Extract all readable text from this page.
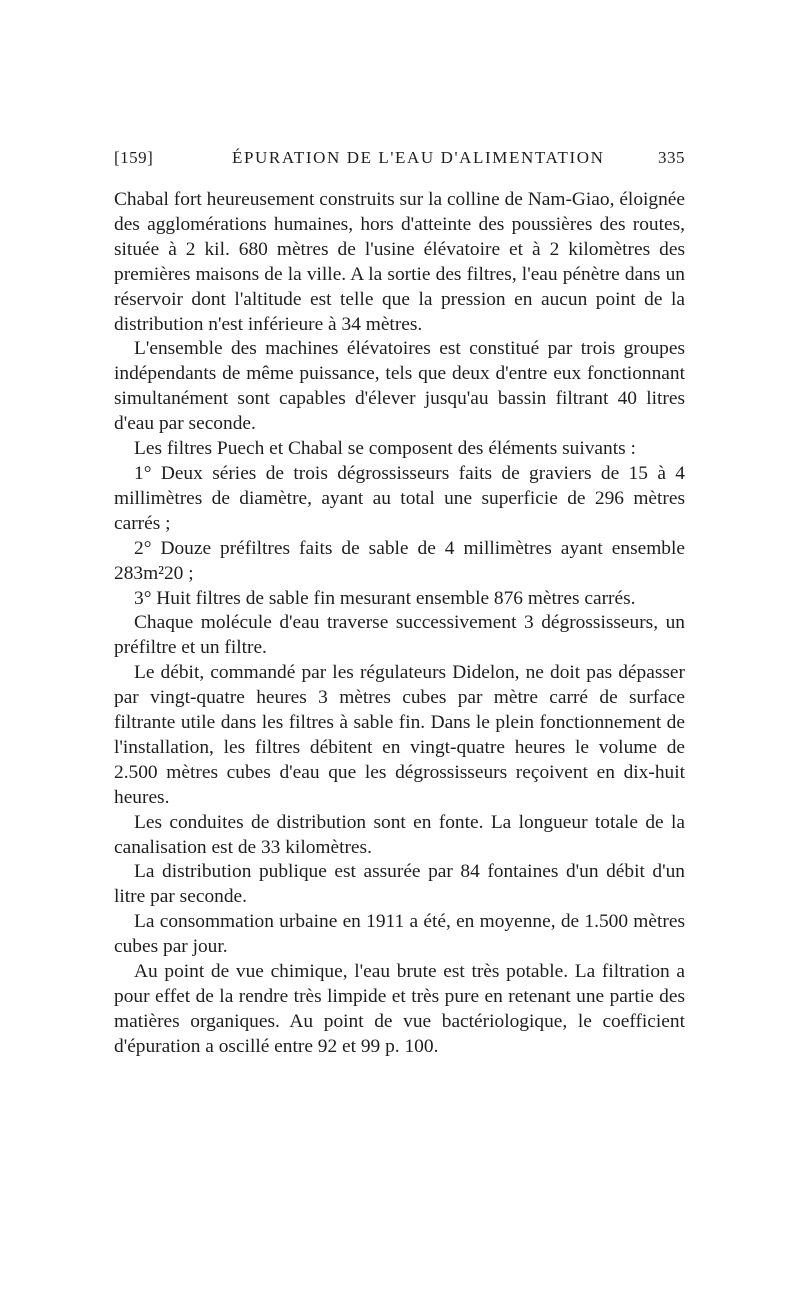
[159]	ÉPURATION DE L'EAU D'ALIMENTATION	335

Chabal fort heureusement construits sur la colline de Nam-Giao, éloignée des agglomérations humaines, hors d'atteinte des poussières des routes, située à 2 kil. 680 mètres de l'usine élévatoire et à 2 kilomètres des premières maisons de la ville. A la sortie des filtres, l'eau pénètre dans un réservoir dont l'altitude est telle que la pression en aucun point de la distribution n'est inférieure à 34 mètres.

L'ensemble des machines élévatoires est constitué par trois groupes indépendants de même puissance, tels que deux d'entre eux fonctionnant simultanément sont capables d'élever jusqu'au bassin filtrant 40 litres d'eau par seconde.

Les filtres Puech et Chabal se composent des éléments suivants :

1° Deux séries de trois dégrossisseurs faits de graviers de 15 à 4 millimètres de diamètre, ayant au total une superficie de 296 mètres carrés ;

2° Douze préfiltres faits de sable de 4 millimètres ayant ensemble 283m²20 ;

3° Huit filtres de sable fin mesurant ensemble 876 mètres carrés.

Chaque molécule d'eau traverse successivement 3 dégrossisseurs, un préfiltre et un filtre.

Le débit, commandé par les régulateurs Didelon, ne doit pas dépasser par vingt-quatre heures 3 mètres cubes par mètre carré de surface filtrante utile dans les filtres à sable fin. Dans le plein fonctionnement de l'installation, les filtres débitent en vingt-quatre heures le volume de 2.500 mètres cubes d'eau que les dégrossisseurs reçoivent en dix-huit heures.

Les conduites de distribution sont en fonte. La longueur totale de la canalisation est de 33 kilomètres.

La distribution publique est assurée par 84 fontaines d'un débit d'un litre par seconde.

La consommation urbaine en 1911 a été, en moyenne, de 1.500 mètres cubes par jour.

Au point de vue chimique, l'eau brute est très potable. La filtration a pour effet de la rendre très limpide et très pure en retenant une partie des matières organiques. Au point de vue bactériologique, le coefficient d'épuration a oscillé entre 92 et 99 p. 100.
